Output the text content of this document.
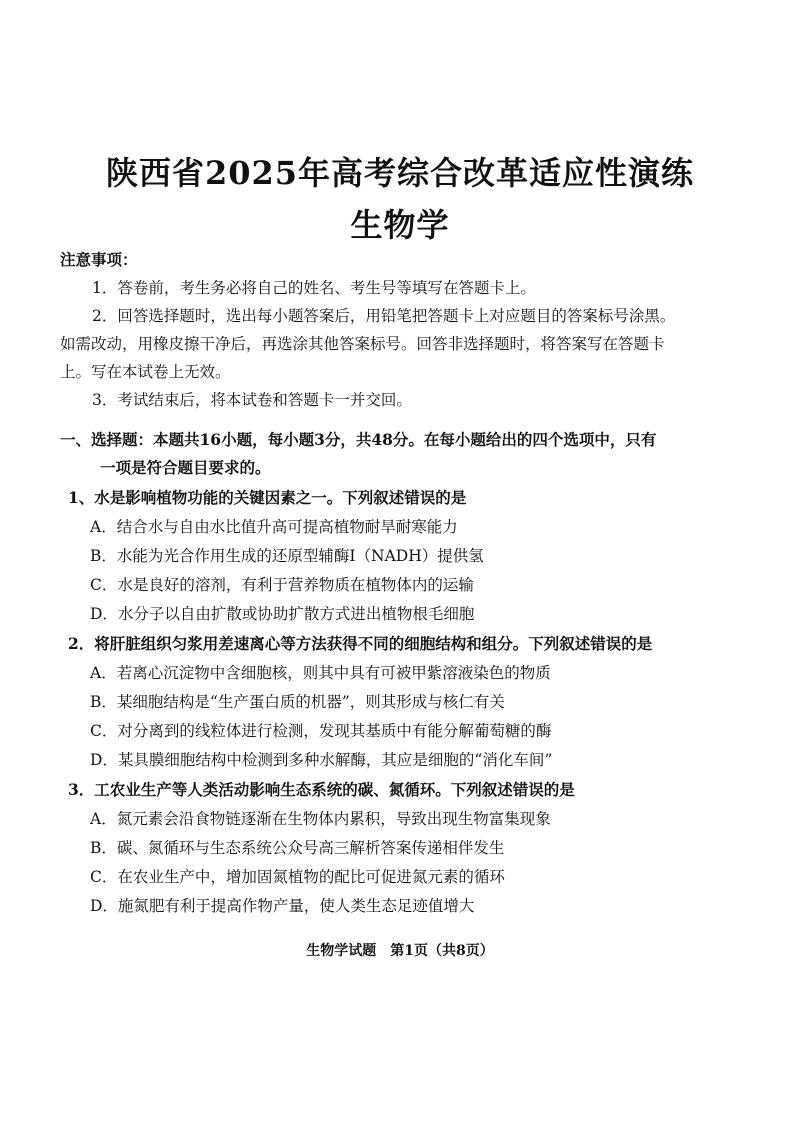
陕西省2025年高考综合改革适应性演练
生物学
注意事项：
1．答卷前，考生务必将自己的姓名、考生号等填写在答题卡上。
2．回答选择题时，选出每小题答案后，用铅笔把答题卡上对应题目的答案标号涂黑。
如需改动，用橡皮擦干净后，再选涂其他答案标号。回答非选择题时，将答案写在答题卡
上。写在本试卷上无效。
3．考试结束后，将本试卷和答题卡一并交回。
一、选择题：本题共16小题，每小题3分，共48分。在每小题给出的四个选项中，只有
一项是符合题目要求的。
1、水是影响植物功能的关键因素之一。下列叙述错误的是
A．结合水与自由水比值升高可提高植物耐旱耐寒能力
B．水能为光合作用生成的还原型辅酶I（NADH）提供氢
C．水是良好的溶剂，有利于营养物质在植物体内的运输
D．水分子以自由扩散或协助扩散方式进出植物根毛细胞
2．将肝脏组织匀浆用差速离心等方法获得不同的细胞结构和组分。下列叙述错误的是
A．若离心沉淀物中含细胞核，则其中具有可被甲紫溶液染色的物质
B．某细胞结构是“生产蛋白质的机器”，则其形成与核仁有关
C．对分离到的线粒体进行检测，发现其基质中有能分解葡萄糖的酶
D．某具膜细胞结构中检测到多种水解酶，其应是细胞的“消化车间”
3．工农业生产等人类活动影响生态系统的碳、氮循环。下列叙述错误的是
A．氮元素会沿食物链逐渐在生物体内累积，导致出现生物富集现象
B．碳、氮循环与生态系统公众号高三解析答案传递相伴发生
C．在农业生产中，增加固氮植物的配比可促进氮元素的循环
D．施氮肥有利于提高作物产量，使人类生态足迹值增大
生物学试题　第1页（共8页）
